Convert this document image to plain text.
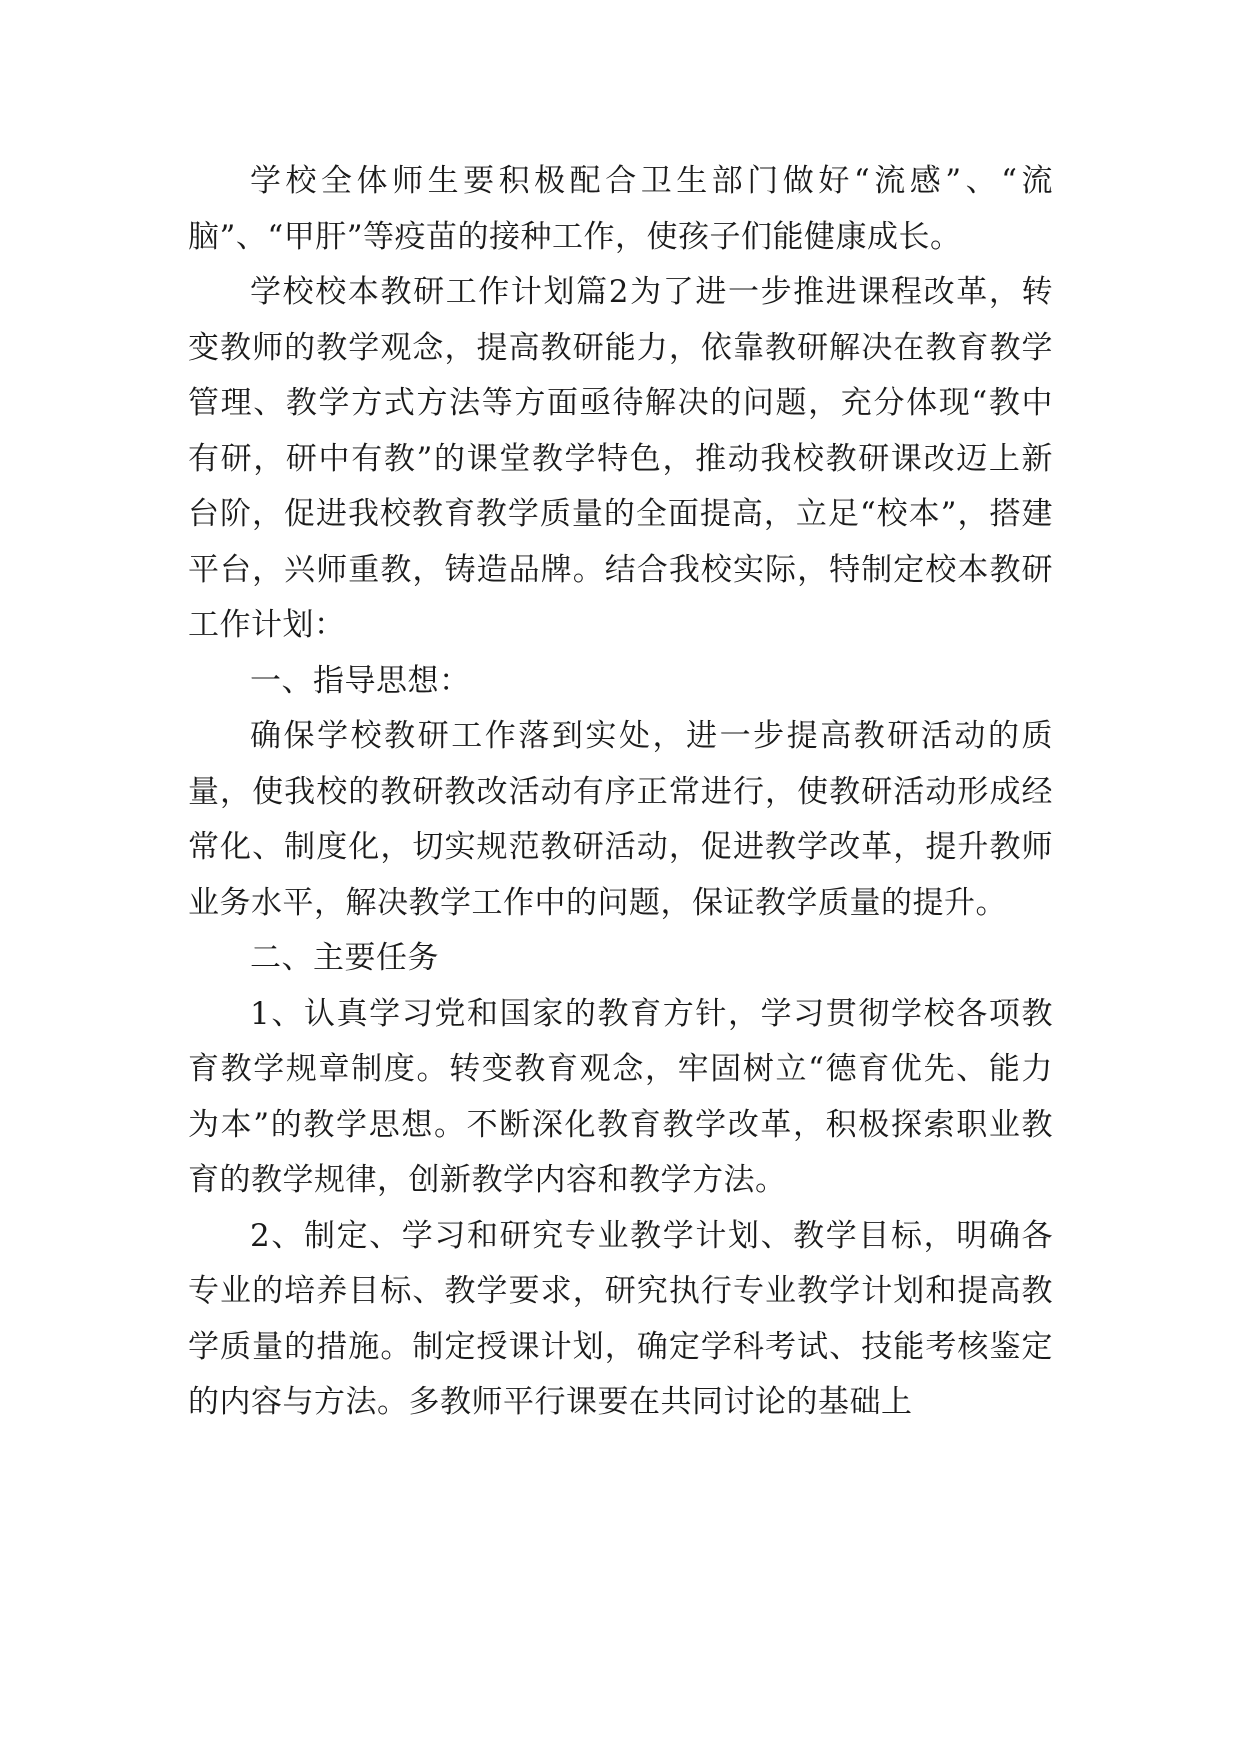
学校全体师生要积极配合卫生部门做好“流感”、“流脑”、“甲肝”等疫苗的接种工作，使孩子们能健康成长。

学校校本教研工作计划篇2为了进一步推进课程改革，转变教师的教学观念，提高教研能力，依靠教研解决在教育教学管理、教学方式方法等方面亟待解决的问题，充分体现“教中有研，研中有教”的课堂教学特色，推动我校教研课改迈上新台阶，促进我校教育教学质量的全面提高，立足“校本”，搭建平台，兴师重教，铸造品牌。结合我校实际，特制定校本教研工作计划：

一、指导思想：

确保学校教研工作落到实处，进一步提高教研活动的质量，使我校的教研教改活动有序正常进行，使教研活动形成经常化、制度化，切实规范教研活动，促进教学改革，提升教师业务水平，解决教学工作中的问题，保证教学质量的提升。

二、主要任务

1、认真学习党和国家的教育方针，学习贯彻学校各项教育教学规章制度。转变教育观念，牢固树立“德育优先、能力为本”的教学思想。不断深化教育教学改革，积极探索职业教育的教学规律，创新教学内容和教学方法。

2、制定、学习和研究专业教学计划、教学目标，明确各专业的培养目标、教学要求，研究执行专业教学计划和提高教学质量的措施。制定授课计划，确定学科考试、技能考核鉴定的内容与方法。多教师平行课要在共同讨论的基础上
